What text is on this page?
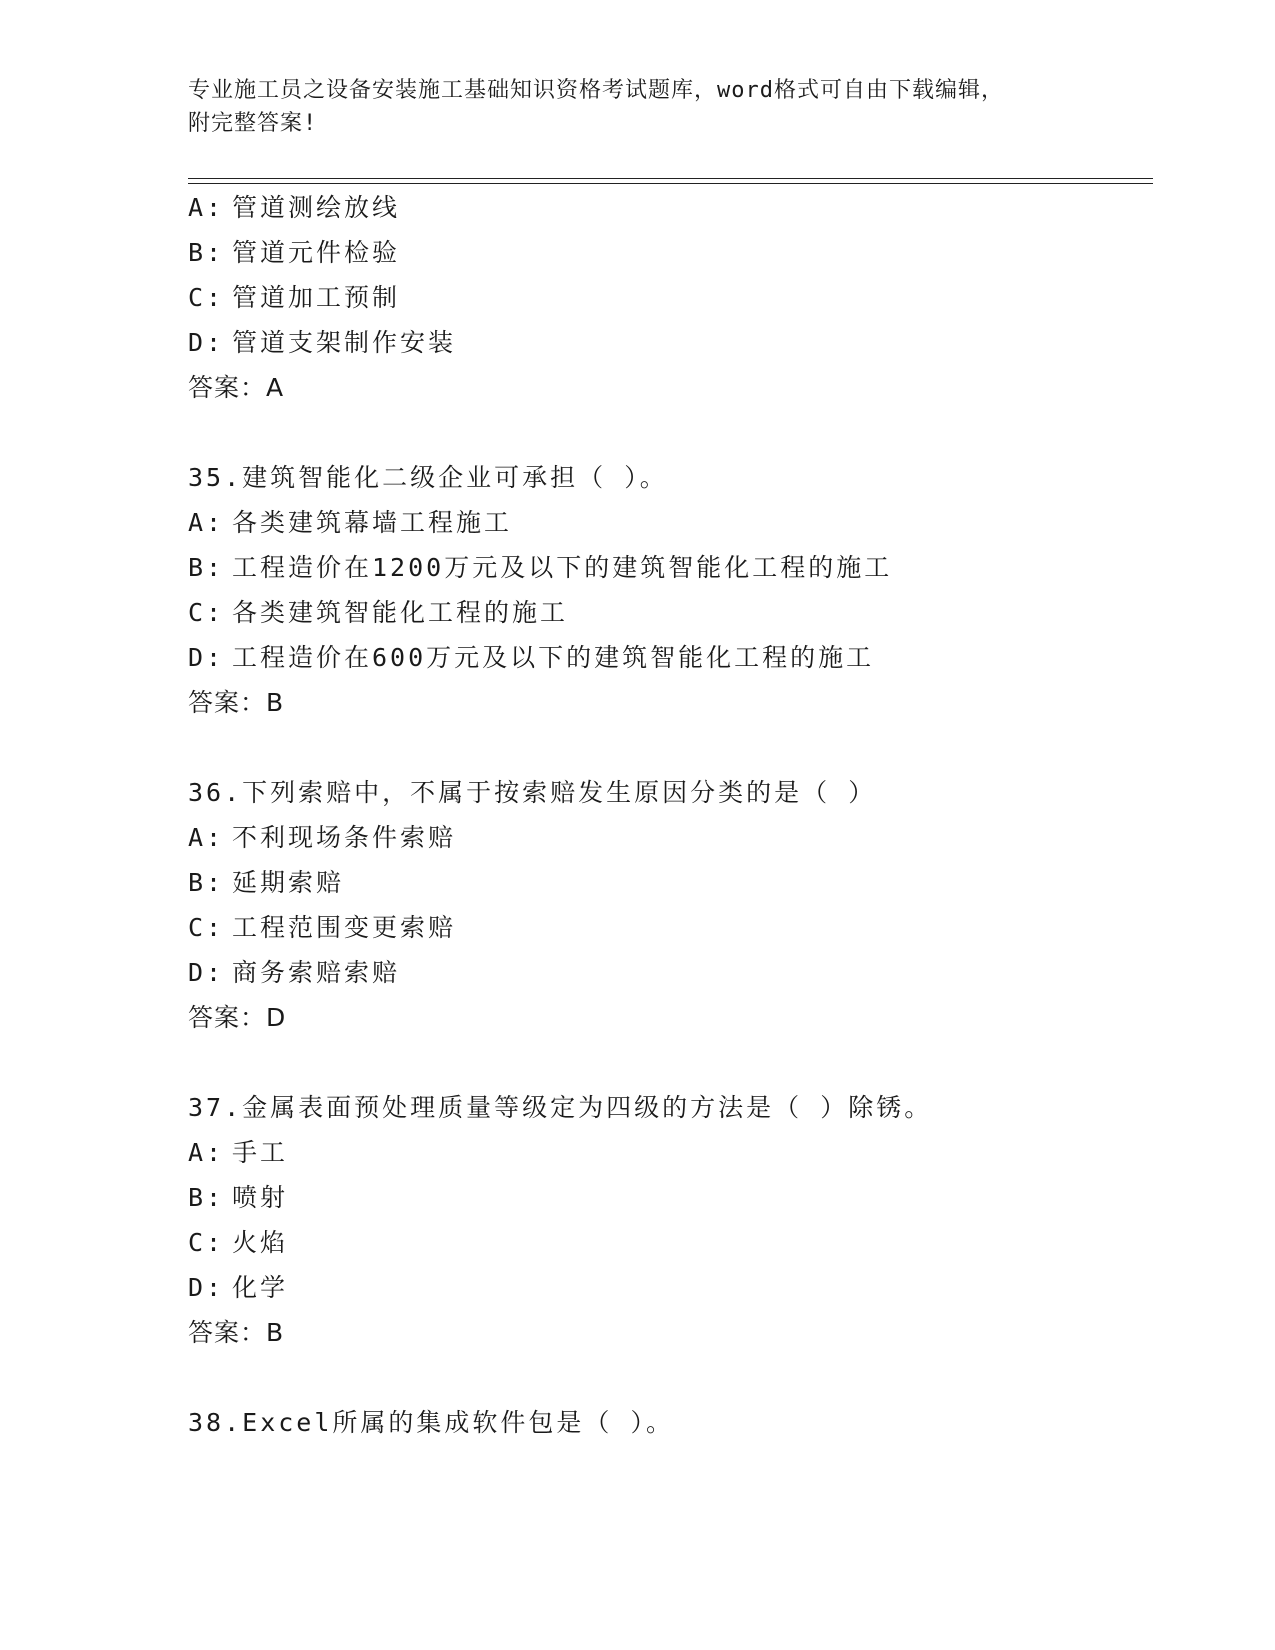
专业施工员之设备安装施工基础知识资格考试题库，word格式可自由下载编辑，
附完整答案!
A: 管道测绘放线
B: 管道元件检验
C: 管道加工预制
D: 管道支架制作安装
答案：A
35.建筑智能化二级企业可承担（ ）。
A: 各类建筑幕墙工程施工
B: 工程造价在1200万元及以下的建筑智能化工程的施工
C: 各类建筑智能化工程的施工
D: 工程造价在600万元及以下的建筑智能化工程的施工
答案：B
36.下列索赔中，不属于按索赔发生原因分类的是（ ）
A: 不利现场条件索赔
B: 延期索赔
C: 工程范围变更索赔
D: 商务索赔索赔
答案：D
37.金属表面预处理质量等级定为四级的方法是（ ）除锈。
A: 手工
B: 喷射
C: 火焰
D: 化学
答案：B
38.Excel所属的集成软件包是（ ）。
